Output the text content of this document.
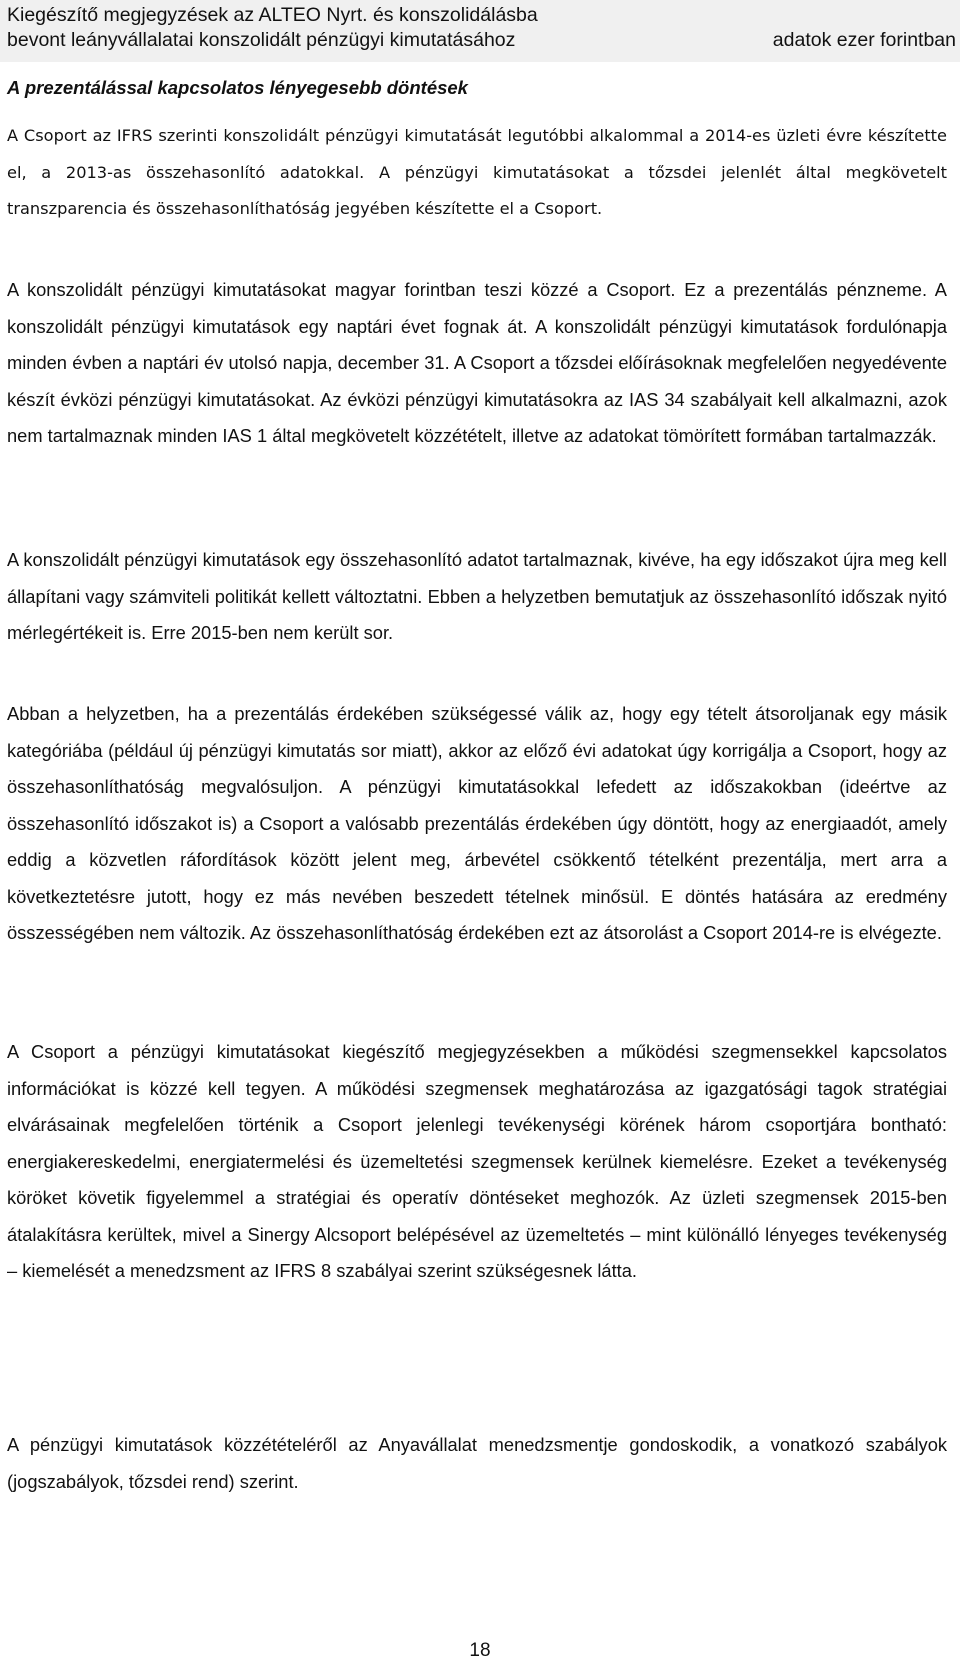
Kiegészítő megjegyzések az ALTEO Nyrt. és konszolidálásba
bevont leányvállalatai konszolidált pénzügyi kimutatásához	adatok ezer forintban
A prezentálással kapcsolatos lényegesebb döntések

A Csoport az IFRS szerinti konszolidált pénzügyi kimutatását legutóbbi alkalommal a 2014-es üzleti évre készítette el, a 2013-as összehasonlító adatokkal. A pénzügyi kimutatásokat a tőzsdei jelenlét által megkövetelt transzparencia és összehasonlíthatóság jegyében készítette el a Csoport.

A konszolidált pénzügyi kimutatásokat magyar forintban teszi közzé a Csoport. Ez a prezentálás pénzneme. A konszolidált pénzügyi kimutatások egy naptári évet fognak át. A konszolidált pénzügyi kimutatások fordulónapja minden évben a naptári év utolsó napja, december 31. A Csoport a tőzsdei előírásoknak megfelelően negyedévente készít évközi pénzügyi kimutatásokat. Az évközi pénzügyi kimutatásokra az IAS 34 szabályait kell alkalmazni, azok nem tartalmaznak minden IAS 1 által megkövetelt közzétételt, illetve az adatokat tömörített formában tartalmazzák.

A konszolidált pénzügyi kimutatások egy összehasonlító adatot tartalmaznak, kivéve, ha egy időszakot újra meg kell állapítani vagy számviteli politikát kellett változtatni. Ebben a helyzetben bemutatjuk az összehasonlító időszak nyitó mérlegértékeit is. Erre 2015-ben nem került sor.

Abban a helyzetben, ha a prezentálás érdekében szükségessé válik az, hogy egy tételt átsoroljanak egy másik kategóriába (például új pénzügyi kimutatás sor miatt), akkor az előző évi adatokat úgy korrigálja a Csoport, hogy az összehasonlíthatóság megvalósuljon. A pénzügyi kimutatásokkal lefedett az időszakokban (ideértve az összehasonlító időszakot is) a Csoport a valósabb prezentálás érdekében úgy döntött, hogy az energiaadót, amely eddig a közvetlen ráfordítások között jelent meg, árbevétel csökkentő tételként prezentálja, mert arra a következtetésre jutott, hogy ez más nevében beszedett tételnek minősül. E döntés hatására az eredmény összességében nem változik. Az összehasonlíthatóság érdekében ezt az átsorolást a Csoport 2014-re is elvégezte.

A Csoport a pénzügyi kimutatásokat kiegészítő megjegyzésekben a működési szegmensekkel kapcsolatos információkat is közzé kell tegyen. A működési szegmensek meghatározása az igazgatósági tagok stratégiai elvárásainak megfelelően történik a Csoport jelenlegi tevékenységi körének három csoportjára bontható: energiakereskedelmi, energiatermelési és üzemeltetési szegmensek kerülnek kiemelésre. Ezeket a tevékenység köröket követik figyelemmel a stratégiai és operatív döntéseket meghozók. Az üzleti szegmensek 2015-ben átalakításra kerültek, mivel a Sinergy Alcsoport belépésével az üzemeltetés – mint különálló lényeges tevékenység – kiemelését a menedzsment az IFRS 8 szabályai szerint szükségesnek látta.

A pénzügyi kimutatások közzétételéről az Anyavállalat menedzsmentje gondoskodik, a vonatkozó szabályok (jogszabályok, tőzsdei rend) szerint.

18
